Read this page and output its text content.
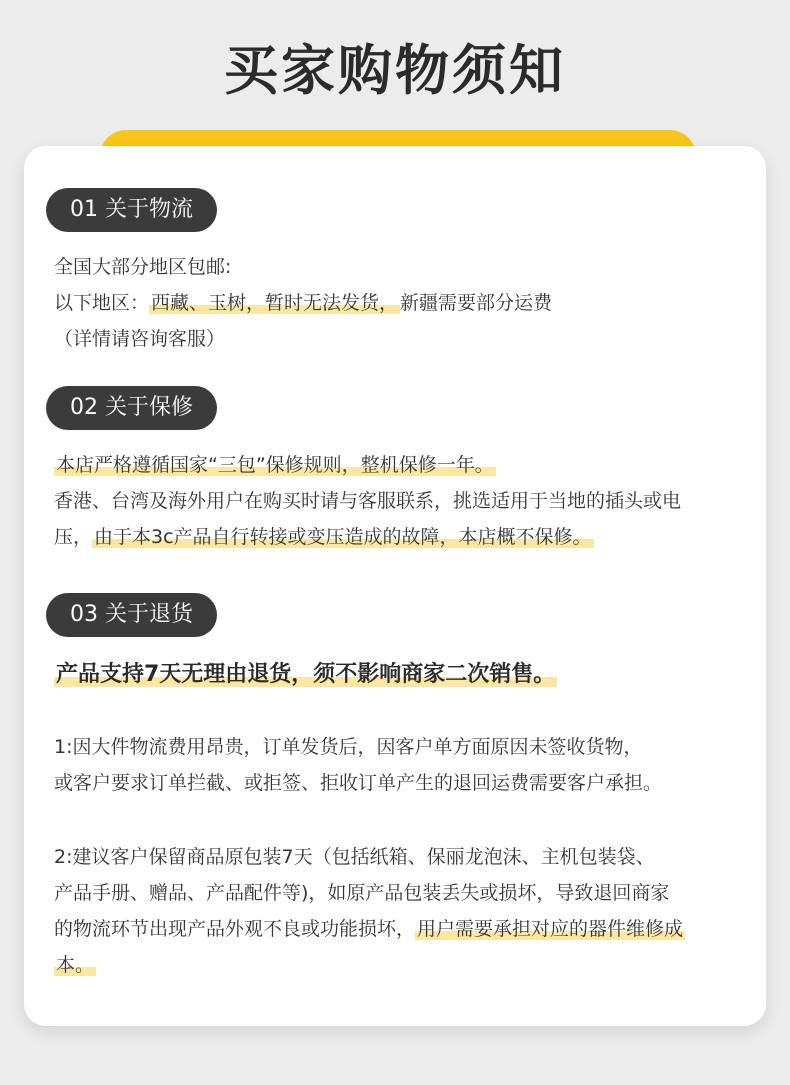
买家购物须知
01 关于物流
全国大部分地区包邮:
以下地区： 西藏、玉树，暂时无法发货， 新疆需要部分运费
（详情请咨询客服）
02 关于保修
本店严格遵循国家“三包”保修规则，整机保修一年。
香港、台湾及海外用户在购买时请与客服联系，挑选适用于当地的插头或电
压， 由于本3c产品自行转接或变压造成的故障，本店概不保修。
03 关于退货
产品支持7天无理由退货，须不影响商家二次销售。
1:因大件物流费用昂贵，订单发货后，因客户单方面原因未签收货物，
或客户要求订单拦截、或拒签、拒收订单产生的退回运费需要客户承担。
2:建议客户保留商品原包装7天（包括纸箱、保丽龙泡沫、主机包装袋、
产品手册、赠品、产品配件等)，如原产品包装丢失或损坏，导致退回商家
的物流环节出现产品外观不良或功能损坏， 用户需要承担对应的器件维修成
本。
